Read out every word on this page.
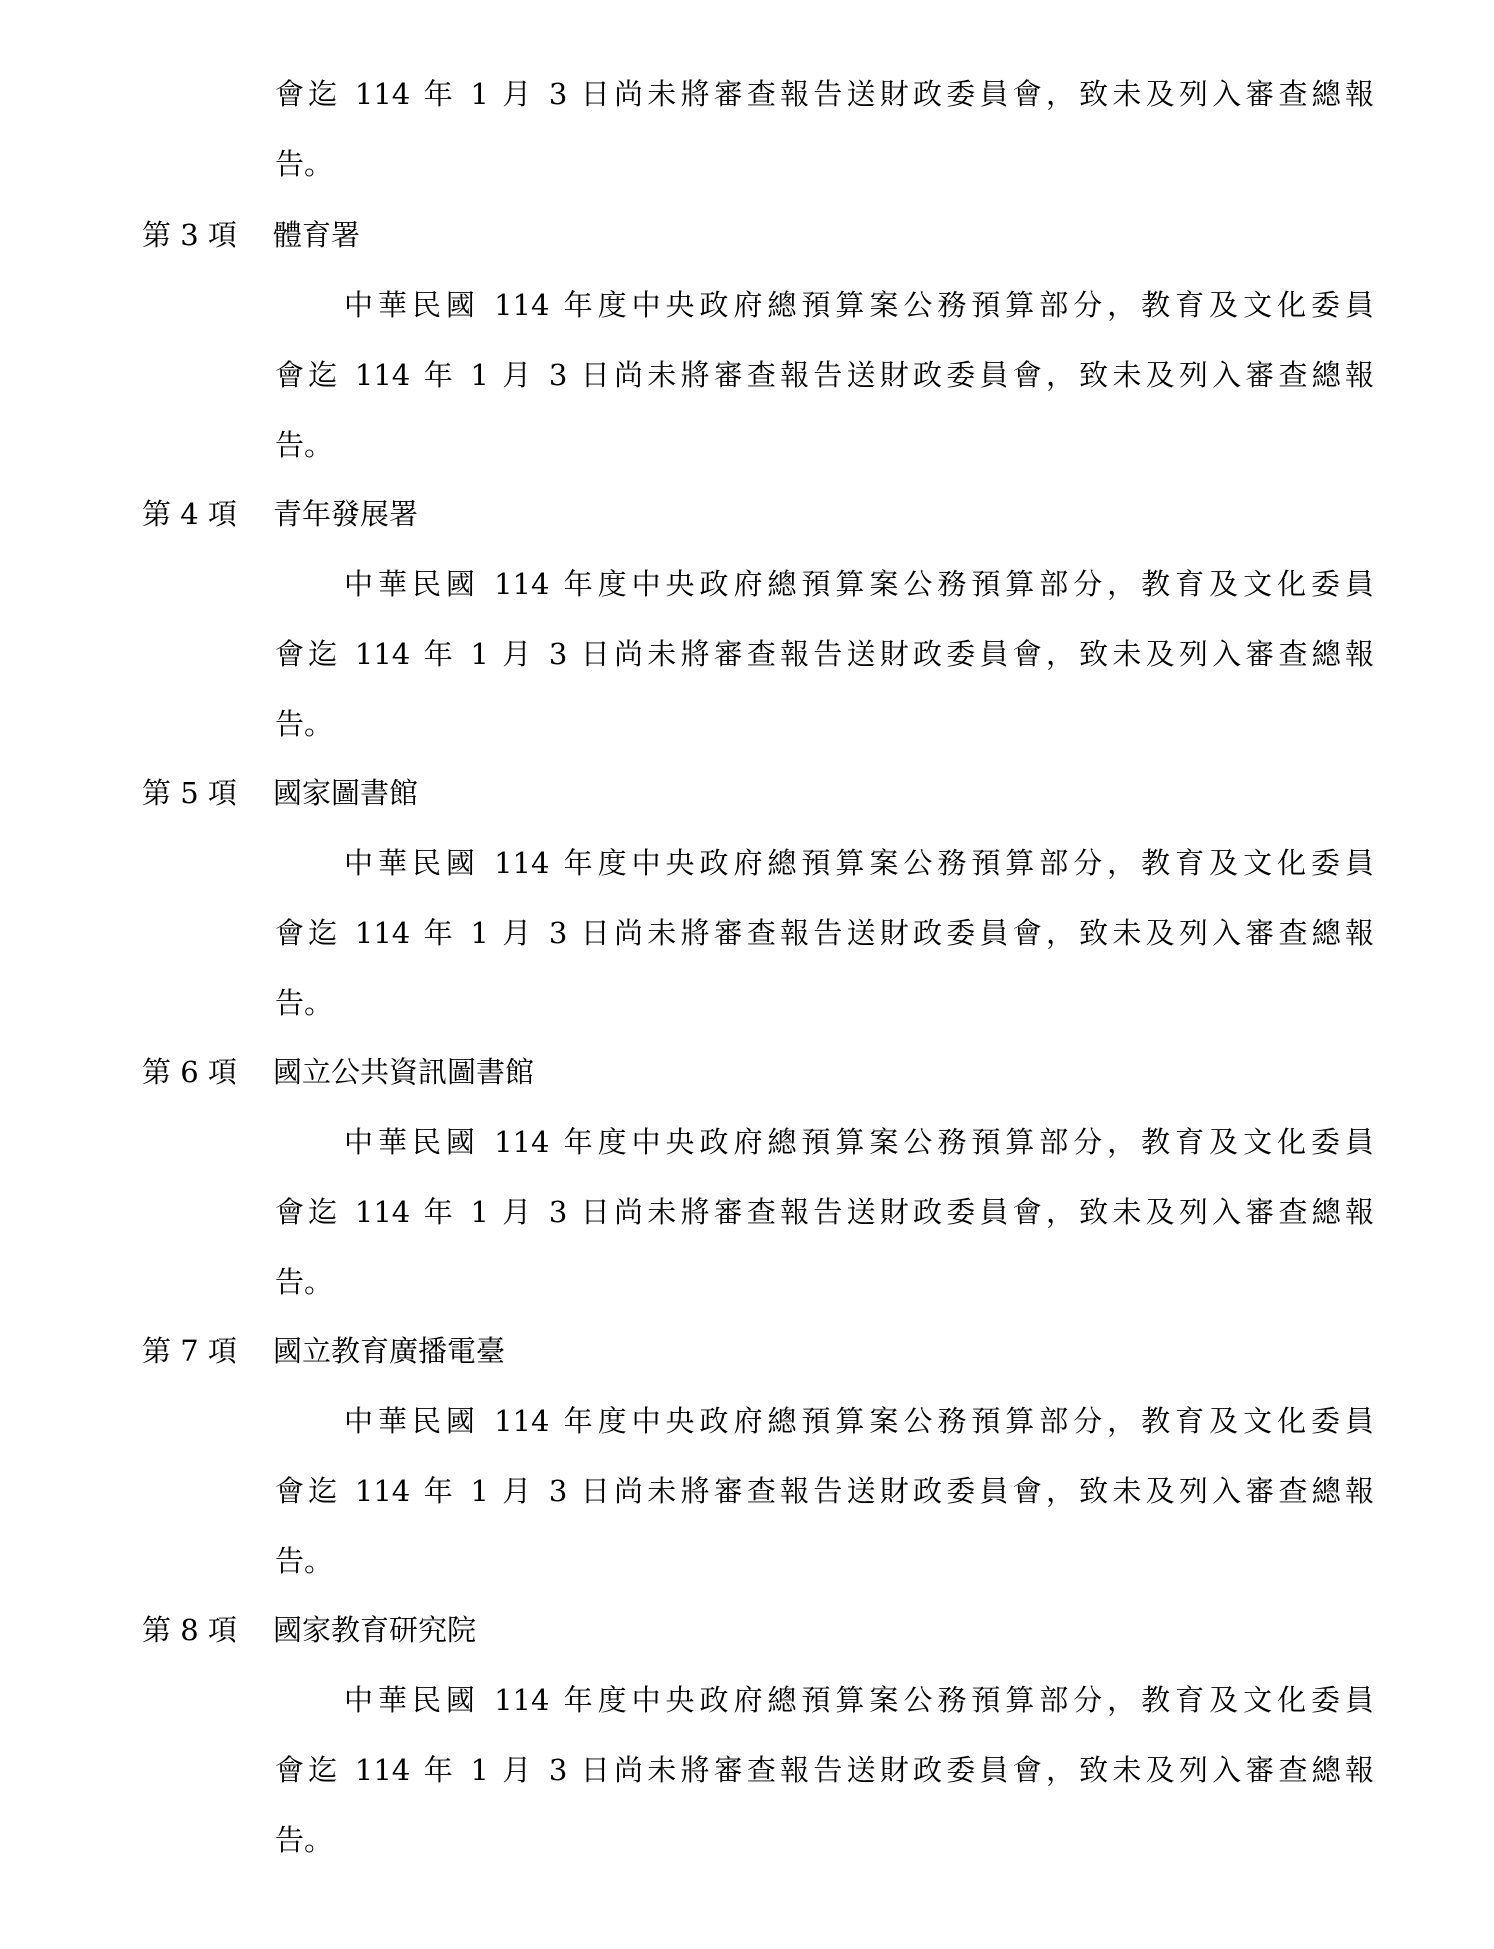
會迄 114 年 1 月 3 日尚未將審查報告送財政委員會，致未及列入審查總報
告。
第 3 項 體育署
中華民國 114 年度中央政府總預算案公務預算部分，教育及文化委員
會迄 114 年 1 月 3 日尚未將審查報告送財政委員會，致未及列入審查總報
告。
第 4 項 青年發展署
中華民國 114 年度中央政府總預算案公務預算部分，教育及文化委員
會迄 114 年 1 月 3 日尚未將審查報告送財政委員會，致未及列入審查總報
告。
第 5 項 國家圖書館
中華民國 114 年度中央政府總預算案公務預算部分，教育及文化委員
會迄 114 年 1 月 3 日尚未將審查報告送財政委員會，致未及列入審查總報
告。
第 6 項 國立公共資訊圖書館
中華民國 114 年度中央政府總預算案公務預算部分，教育及文化委員
會迄 114 年 1 月 3 日尚未將審查報告送財政委員會，致未及列入審查總報
告。
第 7 項 國立教育廣播電臺
中華民國 114 年度中央政府總預算案公務預算部分，教育及文化委員
會迄 114 年 1 月 3 日尚未將審查報告送財政委員會，致未及列入審查總報
告。
第 8 項 國家教育研究院
中華民國 114 年度中央政府總預算案公務預算部分，教育及文化委員
會迄 114 年 1 月 3 日尚未將審查報告送財政委員會，致未及列入審查總報
告。
